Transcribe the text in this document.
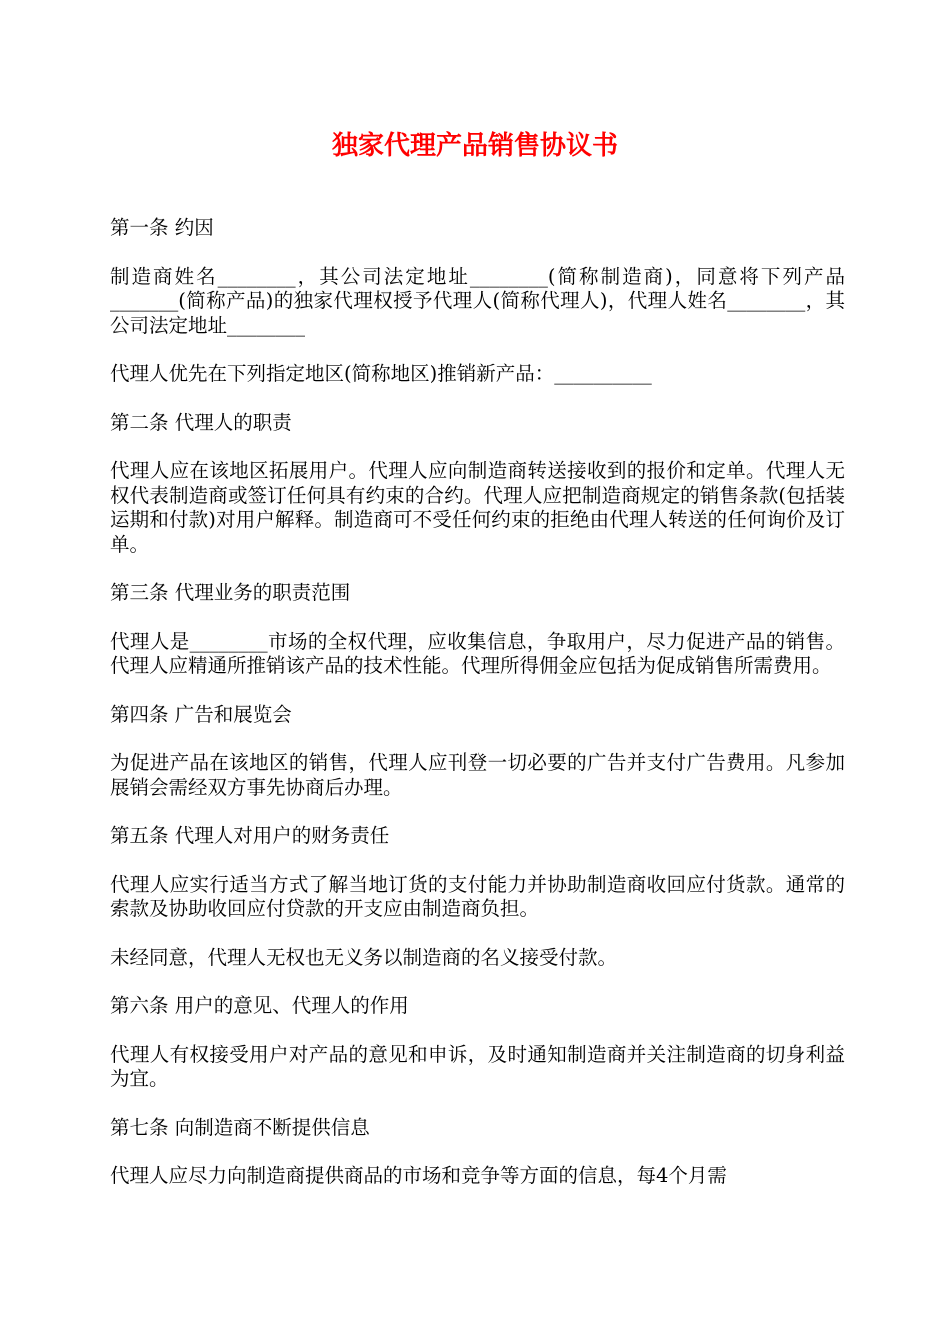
独家代理产品销售协议书

第一条 约因

制造商姓名________，其公司法定地址________(简称制造商)，同意将下列产品_______(简称产品)的独家代理权授予代理人(简称代理人)，代理人姓名________，其公司法定地址________

代理人优先在下列指定地区(简称地区)推销新产品：__________

第二条 代理人的职责

代理人应在该地区拓展用户。代理人应向制造商转送接收到的报价和定单。代理人无权代表制造商或签订任何具有约束的合约。代理人应把制造商规定的销售条款(包括装运期和付款)对用户解释。制造商可不受任何约束的拒绝由代理人转送的任何询价及订单。

第三条 代理业务的职责范围

代理人是________市场的全权代理，应收集信息，争取用户，尽力促进产品的销售。代理人应精通所推销该产品的技术性能。代理所得佣金应包括为促成销售所需费用。

第四条 广告和展览会

为促进产品在该地区的销售，代理人应刊登一切必要的广告并支付广告费用。凡参加展销会需经双方事先协商后办理。

第五条 代理人对用户的财务责任

代理人应实行适当方式了解当地订货的支付能力并协助制造商收回应付货款。通常的索款及协助收回应付贷款的开支应由制造商负担。

未经同意，代理人无权也无义务以制造商的名义接受付款。

第六条 用户的意见、代理人的作用

代理人有权接受用户对产品的意见和申诉，及时通知制造商并关注制造商的切身利益为宜。

第七条 向制造商不断提供信息

代理人应尽力向制造商提供商品的市场和竞争等方面的信息，每4个月需
